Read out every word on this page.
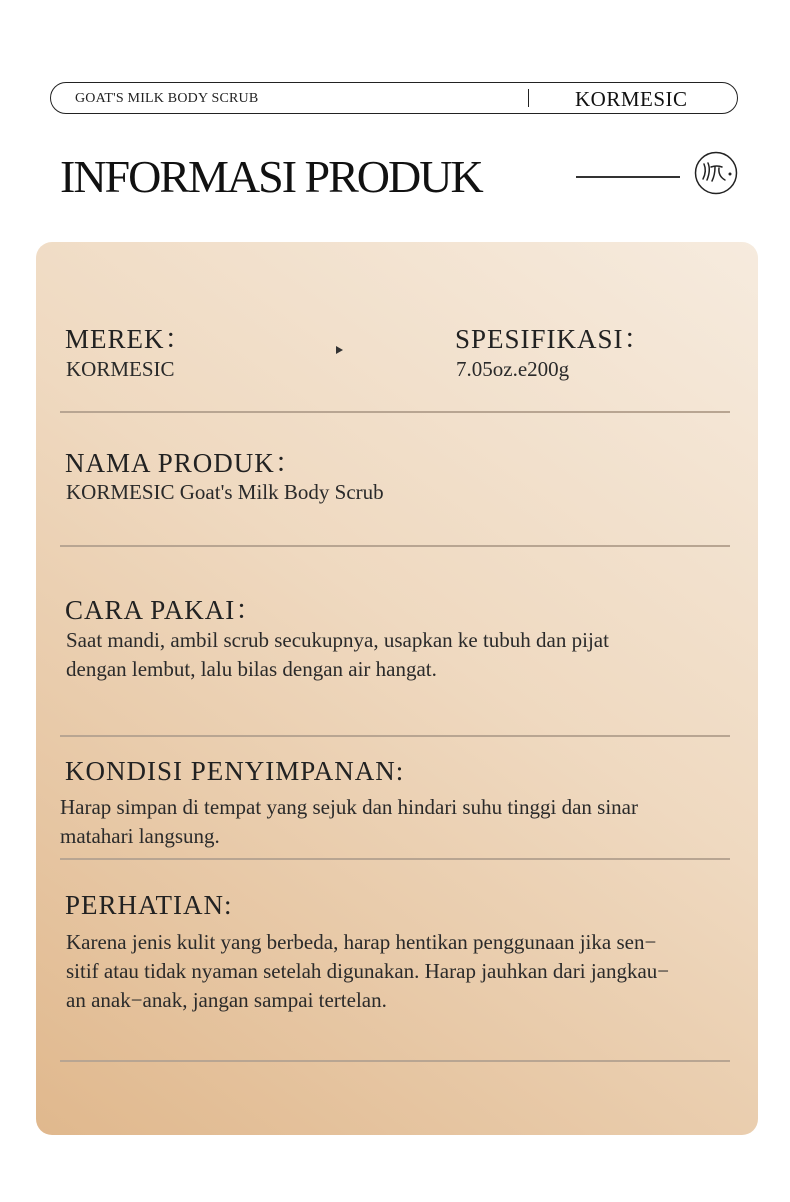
GOAT'S MILK BODY SCRUB	KORMESIC
INFORMASI PRODUK
MEREK：
KORMESIC
SPESIFIKASI：
7.05oz.e200g
NAMA PRODUK：
KORMESIC Goat's Milk Body Scrub
CARA PAKAI：
Saat mandi, ambil scrub secukupnya, usapkan ke tubuh dan pijat
dengan lembut, lalu bilas dengan air hangat.
KONDISI PENYIMPANAN:
Harap simpan di tempat yang sejuk dan hindari suhu tinggi dan sinar
matahari langsung.
PERHATIAN:
Karena jenis kulit yang berbeda, harap hentikan penggunaan jika sen−
sitif atau tidak nyaman setelah digunakan. Harap jauhkan dari jangkau−
an anak−anak, jangan sampai tertelan.
